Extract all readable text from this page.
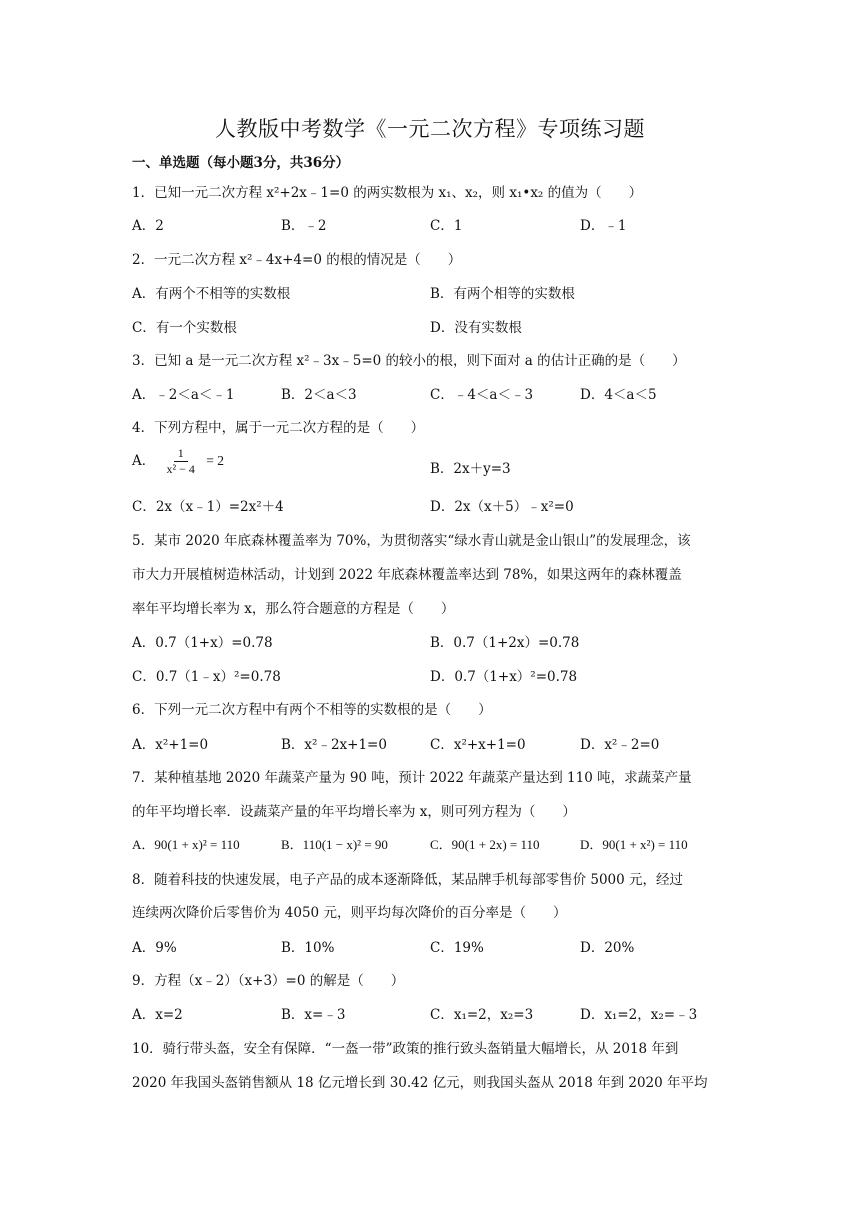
人教版中考数学《一元二次方程》专项练习题
一、单选题（每小题3分，共36分）
1．已知一元二次方程 x²+2x﹣1=0 的两实数根为 x₁、x₂，则 x₁•x₂ 的值为（　　）
A．2	B．﹣2	C．1	D．﹣1
2．一元二次方程 x²﹣4x+4=0 的根的情况是（　　）
A．有两个不相等的实数根	B．有两个相等的实数根
C．有一个实数根	D．没有实数根
3．已知 a 是一元二次方程 x²﹣3x﹣5=0 的较小的根，则下面对 a 的估计正确的是（　　）
A．﹣2＜a＜﹣1	B．2＜a＜3	C．﹣4＜a＜﹣3	D．4＜a＜5
4．下列方程中，属于一元二次方程的是（　　）
A． $\frac{1}{\text{x² − 4}} = 2$
B．2x＋y=3
C．2x（x﹣1）=2x²＋4	D．2x（x＋5）﹣x²=0
5．某市 2020 年底森林覆盖率为 70%，为贯彻落实“绿水青山就是金山银山”的发展理念，该
市大力开展植树造林活动，计划到 2022 年底森林覆盖率达到 78%，如果这两年的森林覆盖
率年平均增长率为 x，那么符合题意的方程是（　　）
A．0.7（1+x）=0.78	B．0.7（1+2x）=0.78
C．0.7（1﹣x）²=0.78	D．0.7（1+x）²=0.78
6．下列一元二次方程中有两个不相等的实数根的是（　　）
A．x²+1=0	B．x²﹣2x+1=0	C．x²+x+1=0	D．x²﹣2=0
7．某种植基地 2020 年蔬菜产量为 90 吨，预计 2022 年蔬菜产量达到 110 吨，求蔬菜产量
的年平均增长率．设蔬菜产量的年平均增长率为 x，则可列方程为（　　）
A．90(1 + x)² = 110	B．110(1 − x)² = 90	C．90(1 + 2x) = 110	D．90(1 + x²) = 110
8．随着科技的快速发展，电子产品的成本逐渐降低，某品牌手机每部零售价 5000 元，经过
连续两次降价后零售价为 4050 元，则平均每次降价的百分率是（　　）
A．9%	B．10%	C．19%	D．20%
9．方程（x﹣2）（x+3）=0 的解是（　　）
A．x=2	B．x=﹣3	C．x₁=2，x₂=3	D．x₁=2，x₂=﹣3
10．骑行带头盔，安全有保障．“一盔一带”政策的推行致头盔销量大幅增长，从 2018 年到
2020 年我国头盔销售额从 18 亿元增长到 30.42 亿元，则我国头盔从 2018 年到 2020 年平均
